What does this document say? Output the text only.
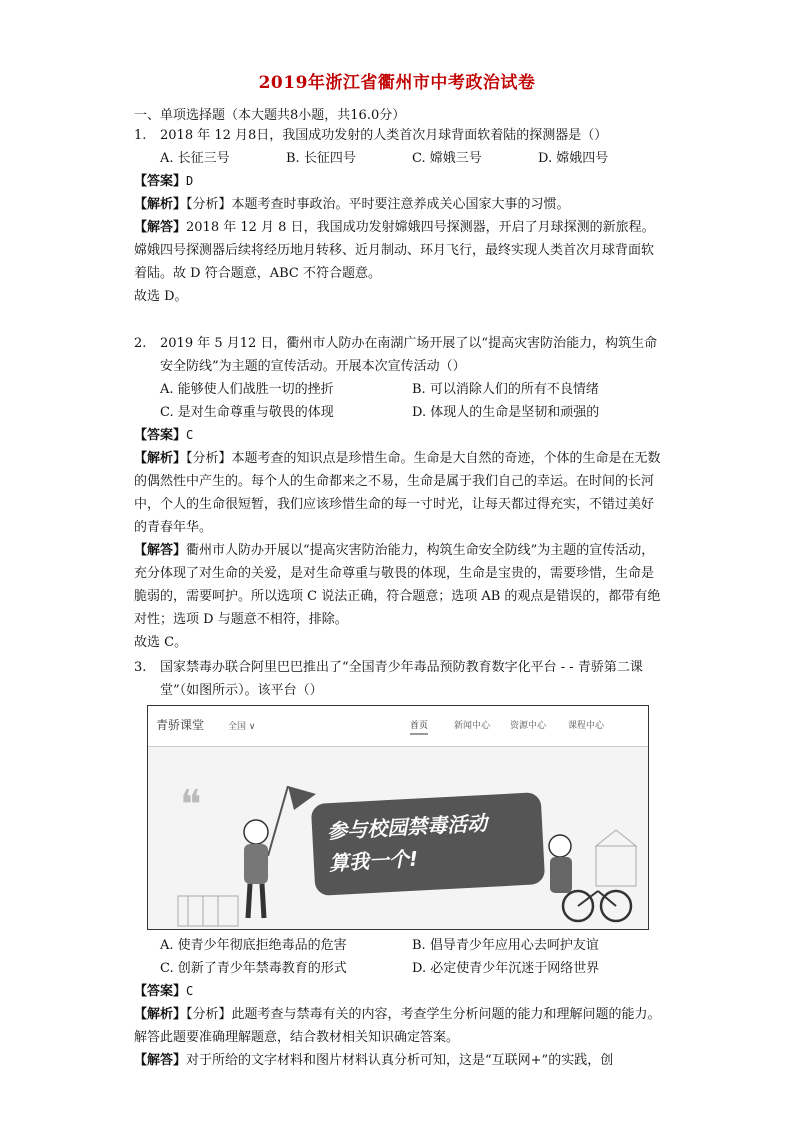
2019年浙江省衢州市中考政治试卷
一、单项选择题（本大题共8小题，共16.0分）
1. 2018 年 12 月8日，我国成功发射的人类首次月球背面软着陆的探测器是（）
A. 长征三号	B. 长征四号	C. 嫦娥三号	D. 嫦娥四号
【答案】D
【解析】【分析】本题考查时事政治。平时要注意养成关心国家大事的习惯。
【解答】2018 年 12 月 8 日，我国成功发射嫦娥四号探测器，开启了月球探测的新旅程。嫦娥四号探测器后续将经历地月转移、近月制动、环月飞行，最终实现人类首次月球背面软着陆。故 D 符合题意，ABC 不符合题意。
故选 D。
2. 2019 年 5 月12 日，衢州市人防办在南湖广场开展了以“提高灾害防治能力，构筑生命安全防线”为主题的宣传活动。开展本次宣传活动（）
A. 能够使人们战胜一切的挫折	B. 可以消除人们的所有不良情绪
C. 是对生命尊重与敬畏的体现	D. 体现人的生命是坚韧和顽强的
【答案】C
【解析】【分析】本题考查的知识点是珍惜生命。生命是大自然的奇迹，个体的生命是在无数的偶然性中产生的。每个人的生命都来之不易，生命是属于我们自己的幸运。在时间的长河中，个人的生命很短暂，我们应该珍惜生命的每一寸时光，让每天都过得充实，不错过美好的青春年华。
【解答】衢州市人防办开展以“提高灾害防治能力，构筑生命安全防线”为主题的宣传活动，充分体现了对生命的关爱，是对生命尊重与敬畏的体现，生命是宝贵的，需要珍惜，生命是脆弱的，需要呵护。所以选项 C 说法正确，符合题意；选项 AB 的观点是错误的，都带有绝对性；选项 D 与题意不相符，排除。
故选 C。
3. 国家禁毒办联合阿里巴巴推出了“全国青少年毒品预防教育数字化平台 - - 青骄第二课堂”（如图所示）。该平台（）
青骄课堂	全国 ∨	首页	新闻中心 资源中心 课程中心
❝	参与校园禁毒活动
算我一个!
A. 使青少年彻底拒绝毒品的危害	B. 倡导青少年应用心去呵护友谊
C. 创新了青少年禁毒教育的形式	D. 必定使青少年沉迷于网络世界
【答案】C
【解析】【分析】此题考查与禁毒有关的内容，考查学生分析问题的能力和理解问题的能力。解答此题要准确理解题意，结合教材相关知识确定答案。
【解答】对于所给的文字材料和图片材料认真分析可知，这是“互联网+”的实践，创
